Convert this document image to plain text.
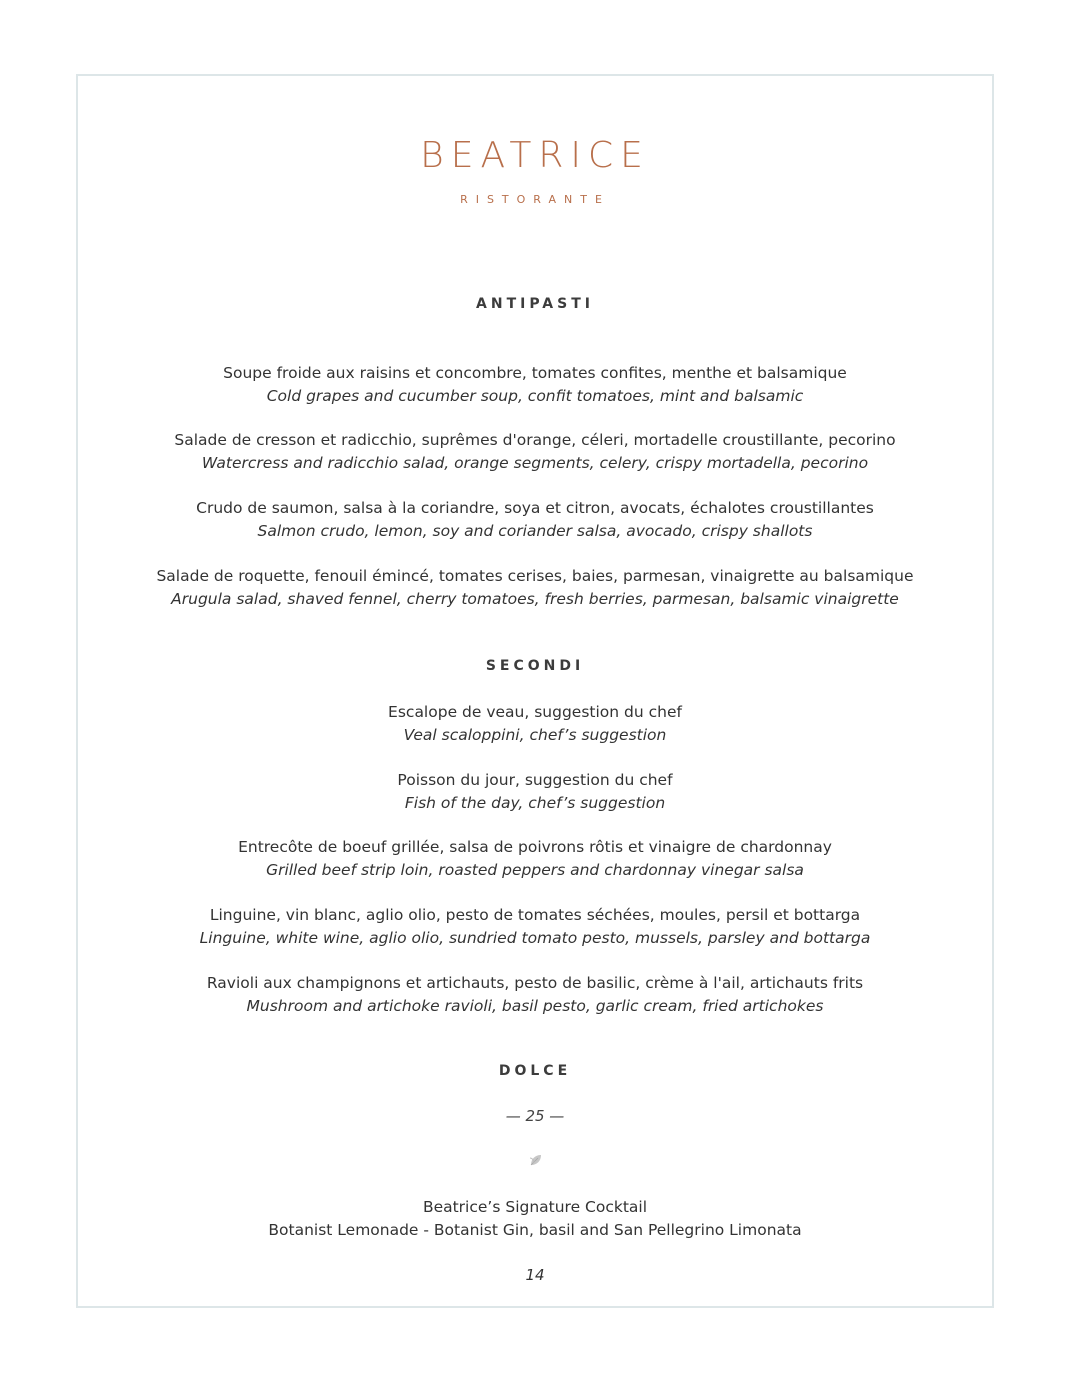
BEATRICE
RISTORANTE
ANTIPASTI
Soupe froide aux raisins et concombre, tomates confites, menthe et balsamique
Cold grapes and cucumber soup, confit tomatoes, mint and balsamic
Salade de cresson et radicchio, suprêmes d'orange, céleri, mortadelle croustillante, pecorino
Watercress and radicchio salad, orange segments, celery, crispy mortadella, pecorino
Crudo de saumon, salsa à la coriandre, soya et citron, avocats, échalotes croustillantes
Salmon crudo, lemon, soy and coriander salsa, avocado, crispy shallots
Salade de roquette, fenouil émincé, tomates cerises, baies, parmesan, vinaigrette au balsamique
Arugula salad, shaved fennel, cherry tomatoes, fresh berries, parmesan, balsamic vinaigrette
SECONDI
Escalope de veau, suggestion du chef
Veal scaloppini, chef’s suggestion
Poisson du jour, suggestion du chef
Fish of the day, chef’s suggestion
Entrecôte de boeuf grillée, salsa de poivrons rôtis et vinaigre de chardonnay
Grilled beef strip loin, roasted peppers and chardonnay vinegar salsa
Linguine, vin blanc, aglio olio, pesto de tomates séchées, moules, persil et bottarga
Linguine, white wine, aglio olio, sundried tomato pesto, mussels, parsley and bottarga
Ravioli aux champignons et artichauts, pesto de basilic, crème à l'ail, artichauts frits
Mushroom and artichoke ravioli, basil pesto, garlic cream, fried artichokes
DOLCE
— 25 —
Beatrice’s Signature Cocktail
Botanist Lemonade - Botanist Gin, basil and San Pellegrino Limonata
14
